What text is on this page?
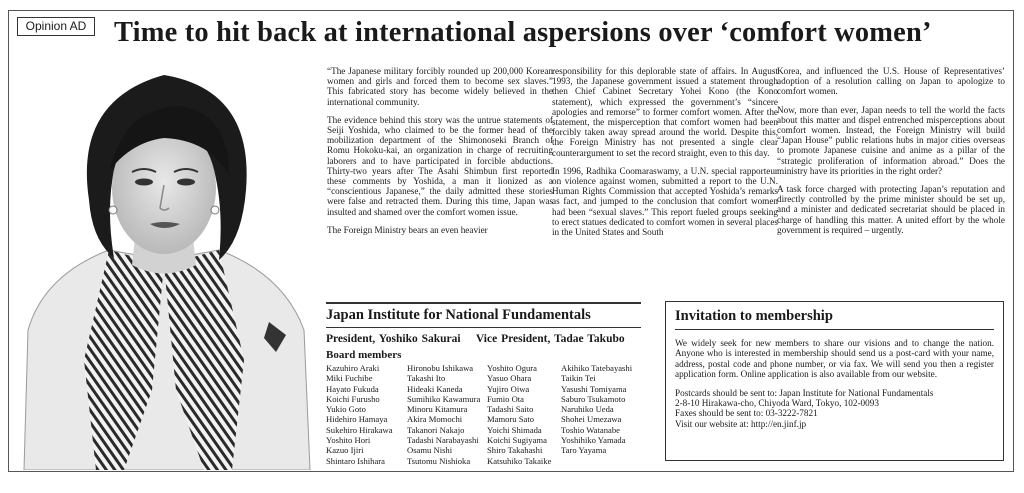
Opinion AD Time to hit back at international aspersions over ‘comfort women’

“The Japanese military forcibly rounded up 200,000 Korean women and girls and forced them to become sex slaves.” This fabricated story has become widely believed in the international community.

The evidence behind this story was the untrue statements of Seiji Yoshida, who claimed to be the former head of the mobilization department of the Shimonoseki Branch of Romu Hokoku-kai, an organization in charge of recruiting laborers and to have participated in forcible abductions. Thirty-two years after The Asahi Shimbun first reported these comments by Yoshida, a man it lionized as a “conscientious Japanese,” the daily admitted these stories were false and retracted them. During this time, Japan was insulted and shamed over the comfort women issue.

The Foreign Ministry bears an even heavier

responsibility for this deplorable state of affairs. In August 1993, the Japanese government issued a statement through then Chief Cabinet Secretary Yohei Kono (the Kono statement), which expressed the government’s “sincere apologies and remorse” to former comfort women. After the statement, the misperception that comfort women had been forcibly taken away spread around the world. Despite this, the Foreign Ministry has not presented a single clear counterargument to set the record straight, even to this day.

In 1996, Radhika Coomaraswamy, a U.N. special rapporteur on violence against women, submitted a report to the U.N. Human Rights Commission that accepted Yoshida’s remarks as fact, and jumped to the conclusion that comfort women had been “sexual slaves.” This report fueled groups seeking to erect statues dedicated to comfort women in several places in the United States and South

Korea, and influenced the U.S. House of Representatives’ adoption of a resolution calling on Japan to apologize to comfort women.

Now, more than ever, Japan needs to tell the world the facts about this matter and dispel entrenched misperceptions about comfort women. Instead, the Foreign Ministry will build “Japan House” public relations hubs in major cities overseas to promote Japanese cuisine and anime as a pillar of the “strategic proliferation of information abroad.” Does the ministry have its priorities in the right order?

A task force charged with protecting Japan’s reputation and directly controlled by the prime minister should be set up, and a minister and dedicated secretariat should be placed in charge of handling this matter. A united effort by the whole government is required – urgently.

Japan Institute for National Fundamentals
President, Yoshiko Sakurai Vice President, Tadae Takubo
Board members
Kazuhiro Araki
Miki Fuchibe
Hayato Fukuda
Koichi Furusho
Yukio Goto
Hidehiro Hamaya
Sukehiro Hirakawa
Yoshito Hori
Kazuo Ijiri
Shintaro Ishihara
Hironobu Ishikawa
Takashi Ito
Hideaki Kaneda
Sumihiko Kawamura
Minoru Kitamura
Akira Momochi
Takanori Nakajo
Tadashi Narabayashi
Osamu Nishi
Tsutomu Nishioka
Yoshito Ogura
Yasuo Ohara
Yujiro Oiwa
Fumio Ota
Tadashi Saito
Mamoru Sato
Yoichi Shimada
Koichi Sugiyama
Shiro Takahashi
Katsuhiko Takaike
Akihiko Tatebayashi
Taikin Tei
Yasushi Tomiyama
Saburo Tsukamoto
Naruhiko Ueda
Shohei Umezawa
Toshio Watanabe
Yoshihiko Yamada
Taro Yayama
Invitation to membership

We widely seek for new members to share our visions and to change the nation. Anyone who is interested in membership should send us a post-card with your name, address, postal code and phone number, or via fax. We will send you then a register application form. Online application is also available from our website.

Postcards should be sent to: Japan Institute for National Fundamentals
2-8-10 Hirakawa-cho, Chiyoda Ward, Tokyo, 102-0093
Faxes should be sent to: 03-3222-7821
Visit our website at: http://en.jinf.jp
